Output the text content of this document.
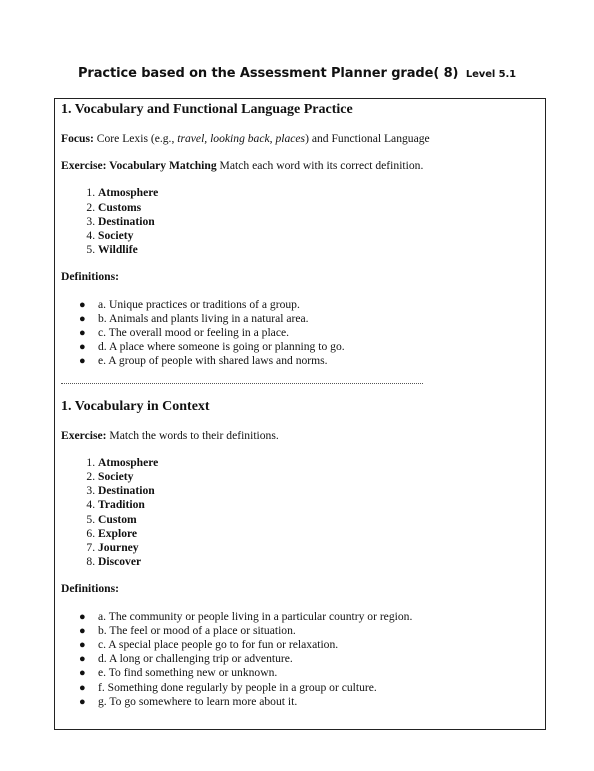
Practice based on the Assessment Planner grade( 8) Level 5.1
1. Vocabulary and Functional Language Practice

Focus: Core Lexis (e.g., travel, looking back, places) and Functional Language

Exercise: Vocabulary Matching Match each word with its correct definition.

1. Atmosphere
2. Customs
3. Destination
4. Society
5. Wildlife

Definitions:

● a. Unique practices or traditions of a group.
● b. Animals and plants living in a natural area.
● c. The overall mood or feeling in a place.
● d. A place where someone is going or planning to go.
● e. A group of people with shared laws and norms.
1. Vocabulary in Context

Exercise: Match the words to their definitions.

1. Atmosphere
2. Society
3. Destination
4. Tradition
5. Custom
6. Explore
7. Journey
8. Discover

Definitions:

● a. The community or people living in a particular country or region.
● b. The feel or mood of a place or situation.
● c. A special place people go to for fun or relaxation.
● d. A long or challenging trip or adventure.
● e. To find something new or unknown.
● f. Something done regularly by people in a group or culture.
● g. To go somewhere to learn more about it.
